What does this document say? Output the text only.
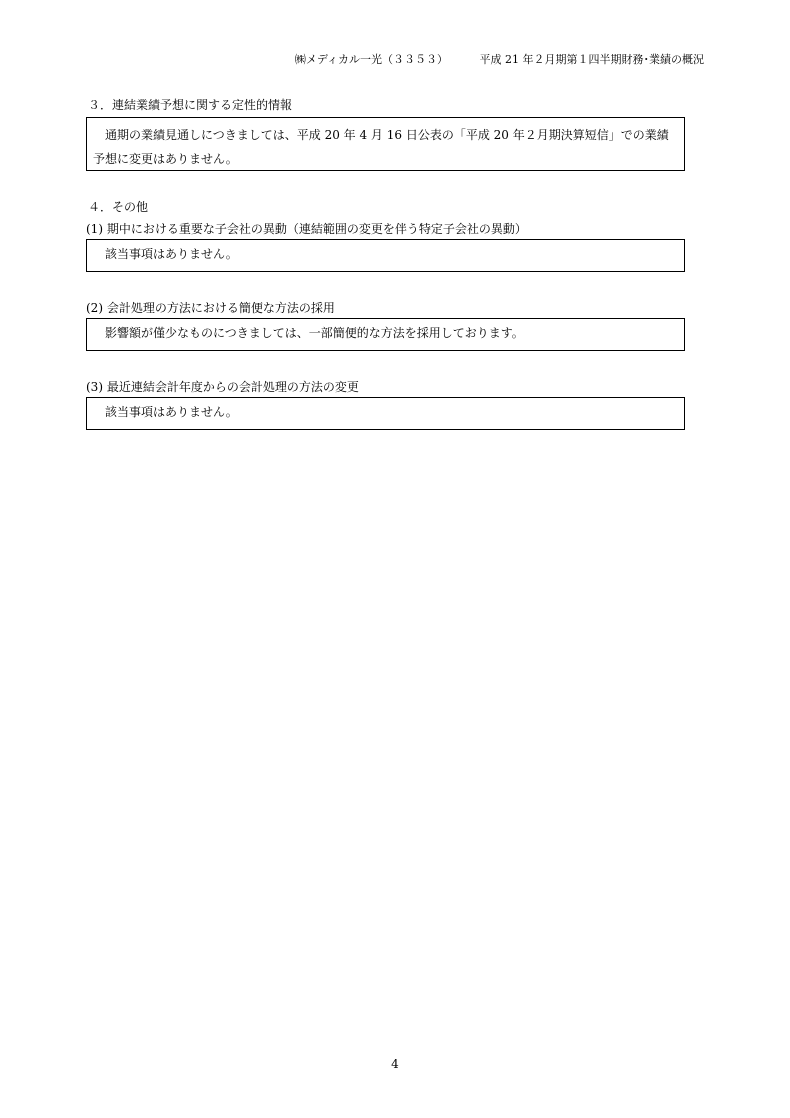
㈱メディカル一光（３３５３）	平成 21 年２月期第１四半期財務･業績の概況
３．連結業績予想に関する定性的情報

通期の業績見通しにつきましては、平成 20 年 4 月 16 日公表の「平成 20 年２月期決算短信」での業績予想に変更はありません。

４．その他
(1) 期中における重要な子会社の異動（連結範囲の変更を伴う特定子会社の異動）

該当事項はありません。

(2) 会計処理の方法における簡便な方法の採用

影響額が僅少なものにつきましては、一部簡便的な方法を採用しております。

(3) 最近連結会計年度からの会計処理の方法の変更

該当事項はありません。

4
